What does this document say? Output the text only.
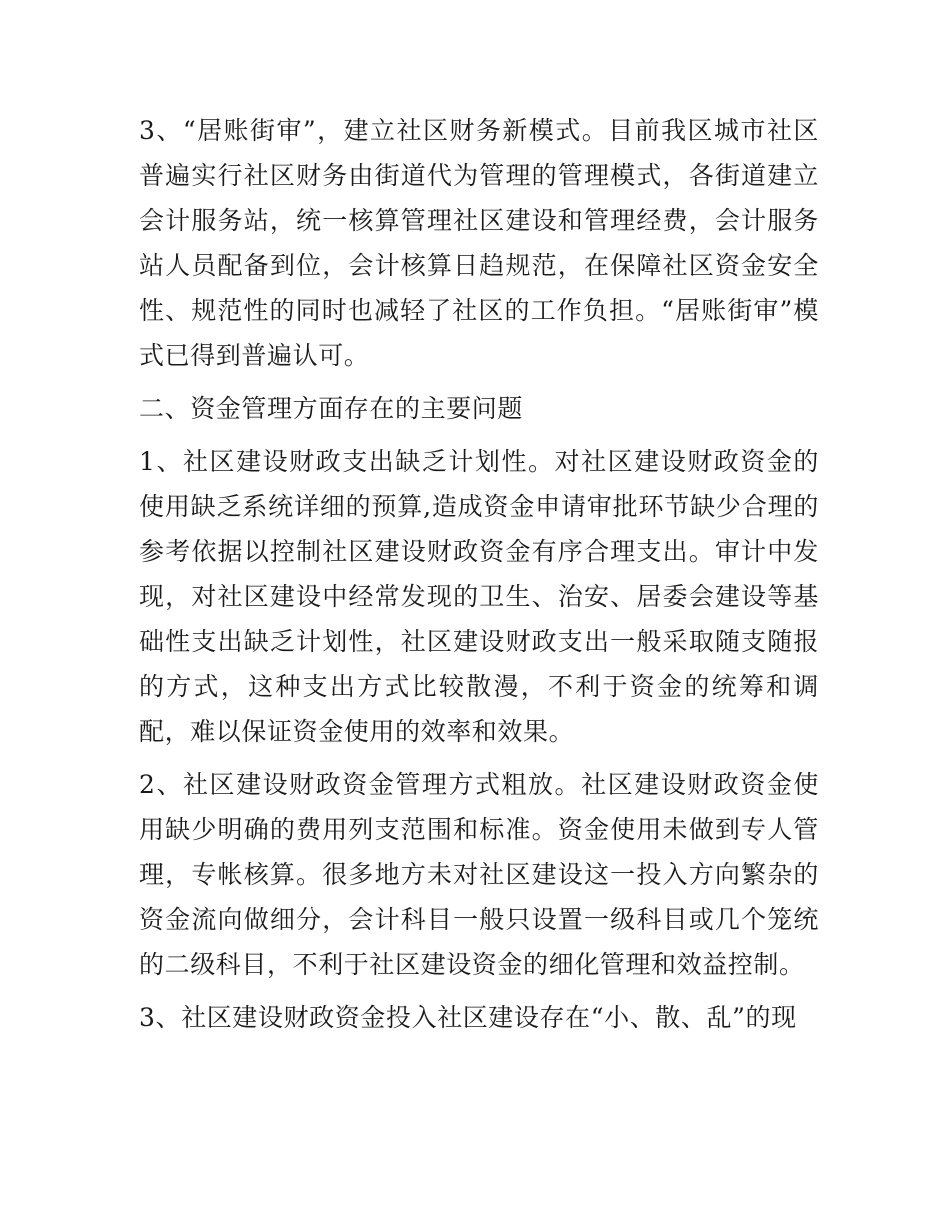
3、“居账街审”，建立社区财务新模式。目前我区城市社区普遍实行社区财务由街道代为管理的管理模式，各街道建立会计服务站，统一核算管理社区建设和管理经费，会计服务站人员配备到位，会计核算日趋规范，在保障社区资金安全性、规范性的同时也减轻了社区的工作负担。“居账街审”模式已得到普遍认可。

二、资金管理方面存在的主要问题

1、社区建设财政支出缺乏计划性。对社区建设财政资金的使用缺乏系统详细的预算,造成资金申请审批环节缺少合理的参考依据以控制社区建设财政资金有序合理支出。审计中发现，对社区建设中经常发现的卫生、治安、居委会建设等基础性支出缺乏计划性，社区建设财政支出一般采取随支随报的方式，这种支出方式比较散漫，不利于资金的统筹和调配，难以保证资金使用的效率和效果。

2、社区建设财政资金管理方式粗放。社区建设财政资金使用缺少明确的费用列支范围和标准。资金使用未做到专人管理，专帐核算。很多地方未对社区建设这一投入方向繁杂的资金流向做细分，会计科目一般只设置一级科目或几个笼统的二级科目，不利于社区建设资金的细化管理和效益控制。

3、社区建设财政资金投入社区建设存在“小、散、乱”的现
